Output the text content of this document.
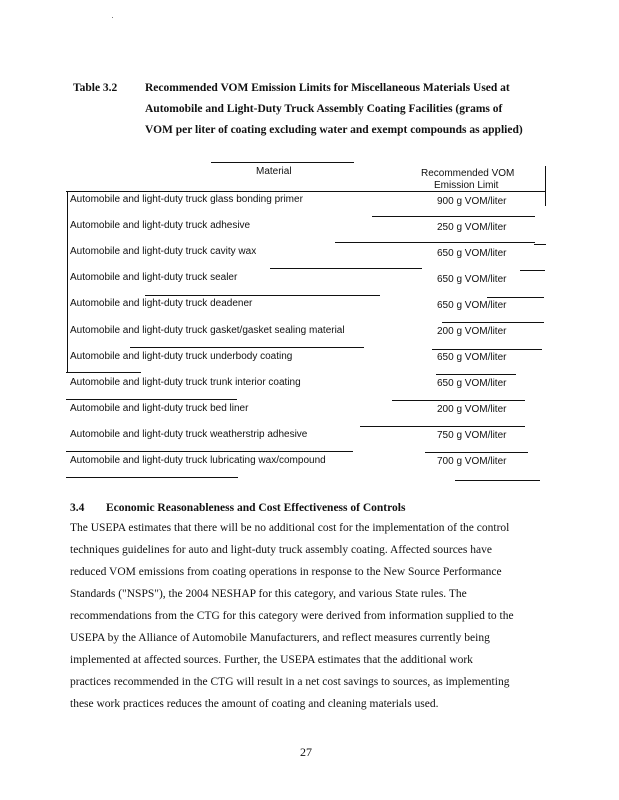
Table 3.2 Recommended VOM Emission Limits for Miscellaneous Materials Used at
Automobile and Light-Duty Truck Assembly Coating Facilities (grams of
VOM per liter of coating excluding water and exempt compounds as applied)
Material	Recommended VOM
Emission Limit
Automobile and light-duty truck glass bonding primer	900 g VOM/liter
Automobile and light-duty truck adhesive	250 g VOM/liter
Automobile and light-duty truck cavity wax	650 g VOM/liter
Automobile and light-duty truck sealer	650 g VOM/liter
Automobile and light-duty truck deadener	650 g VOM/liter
Automobile and light-duty truck gasket/gasket sealing material	200 g VOM/liter
Automobile and light-duty truck underbody coating	650 g VOM/liter
Automobile and light-duty truck trunk interior coating	650 g VOM/liter
Automobile and light-duty truck bed liner	200 g VOM/liter
Automobile and light-duty truck weatherstrip adhesive	750 g VOM/liter
Automobile and light-duty truck lubricating wax/compound	700 g VOM/liter
3.4 Economic Reasonableness and Cost Effectiveness of Controls
The USEPA estimates that there will be no additional cost for the implementation of the control
techniques guidelines for auto and light-duty truck assembly coating. Affected sources have
reduced VOM emissions from coating operations in response to the New Source Performance
Standards ("NSPS"), the 2004 NESHAP for this category, and various State rules. The
recommendations from the CTG for this category were derived from information supplied to the
USEPA by the Alliance of Automobile Manufacturers, and reflect measures currently being
implemented at affected sources. Further, the USEPA estimates that the additional work
practices recommended in the CTG will result in a net cost savings to sources, as implementing
these work practices reduces the amount of coating and cleaning materials used.
27
